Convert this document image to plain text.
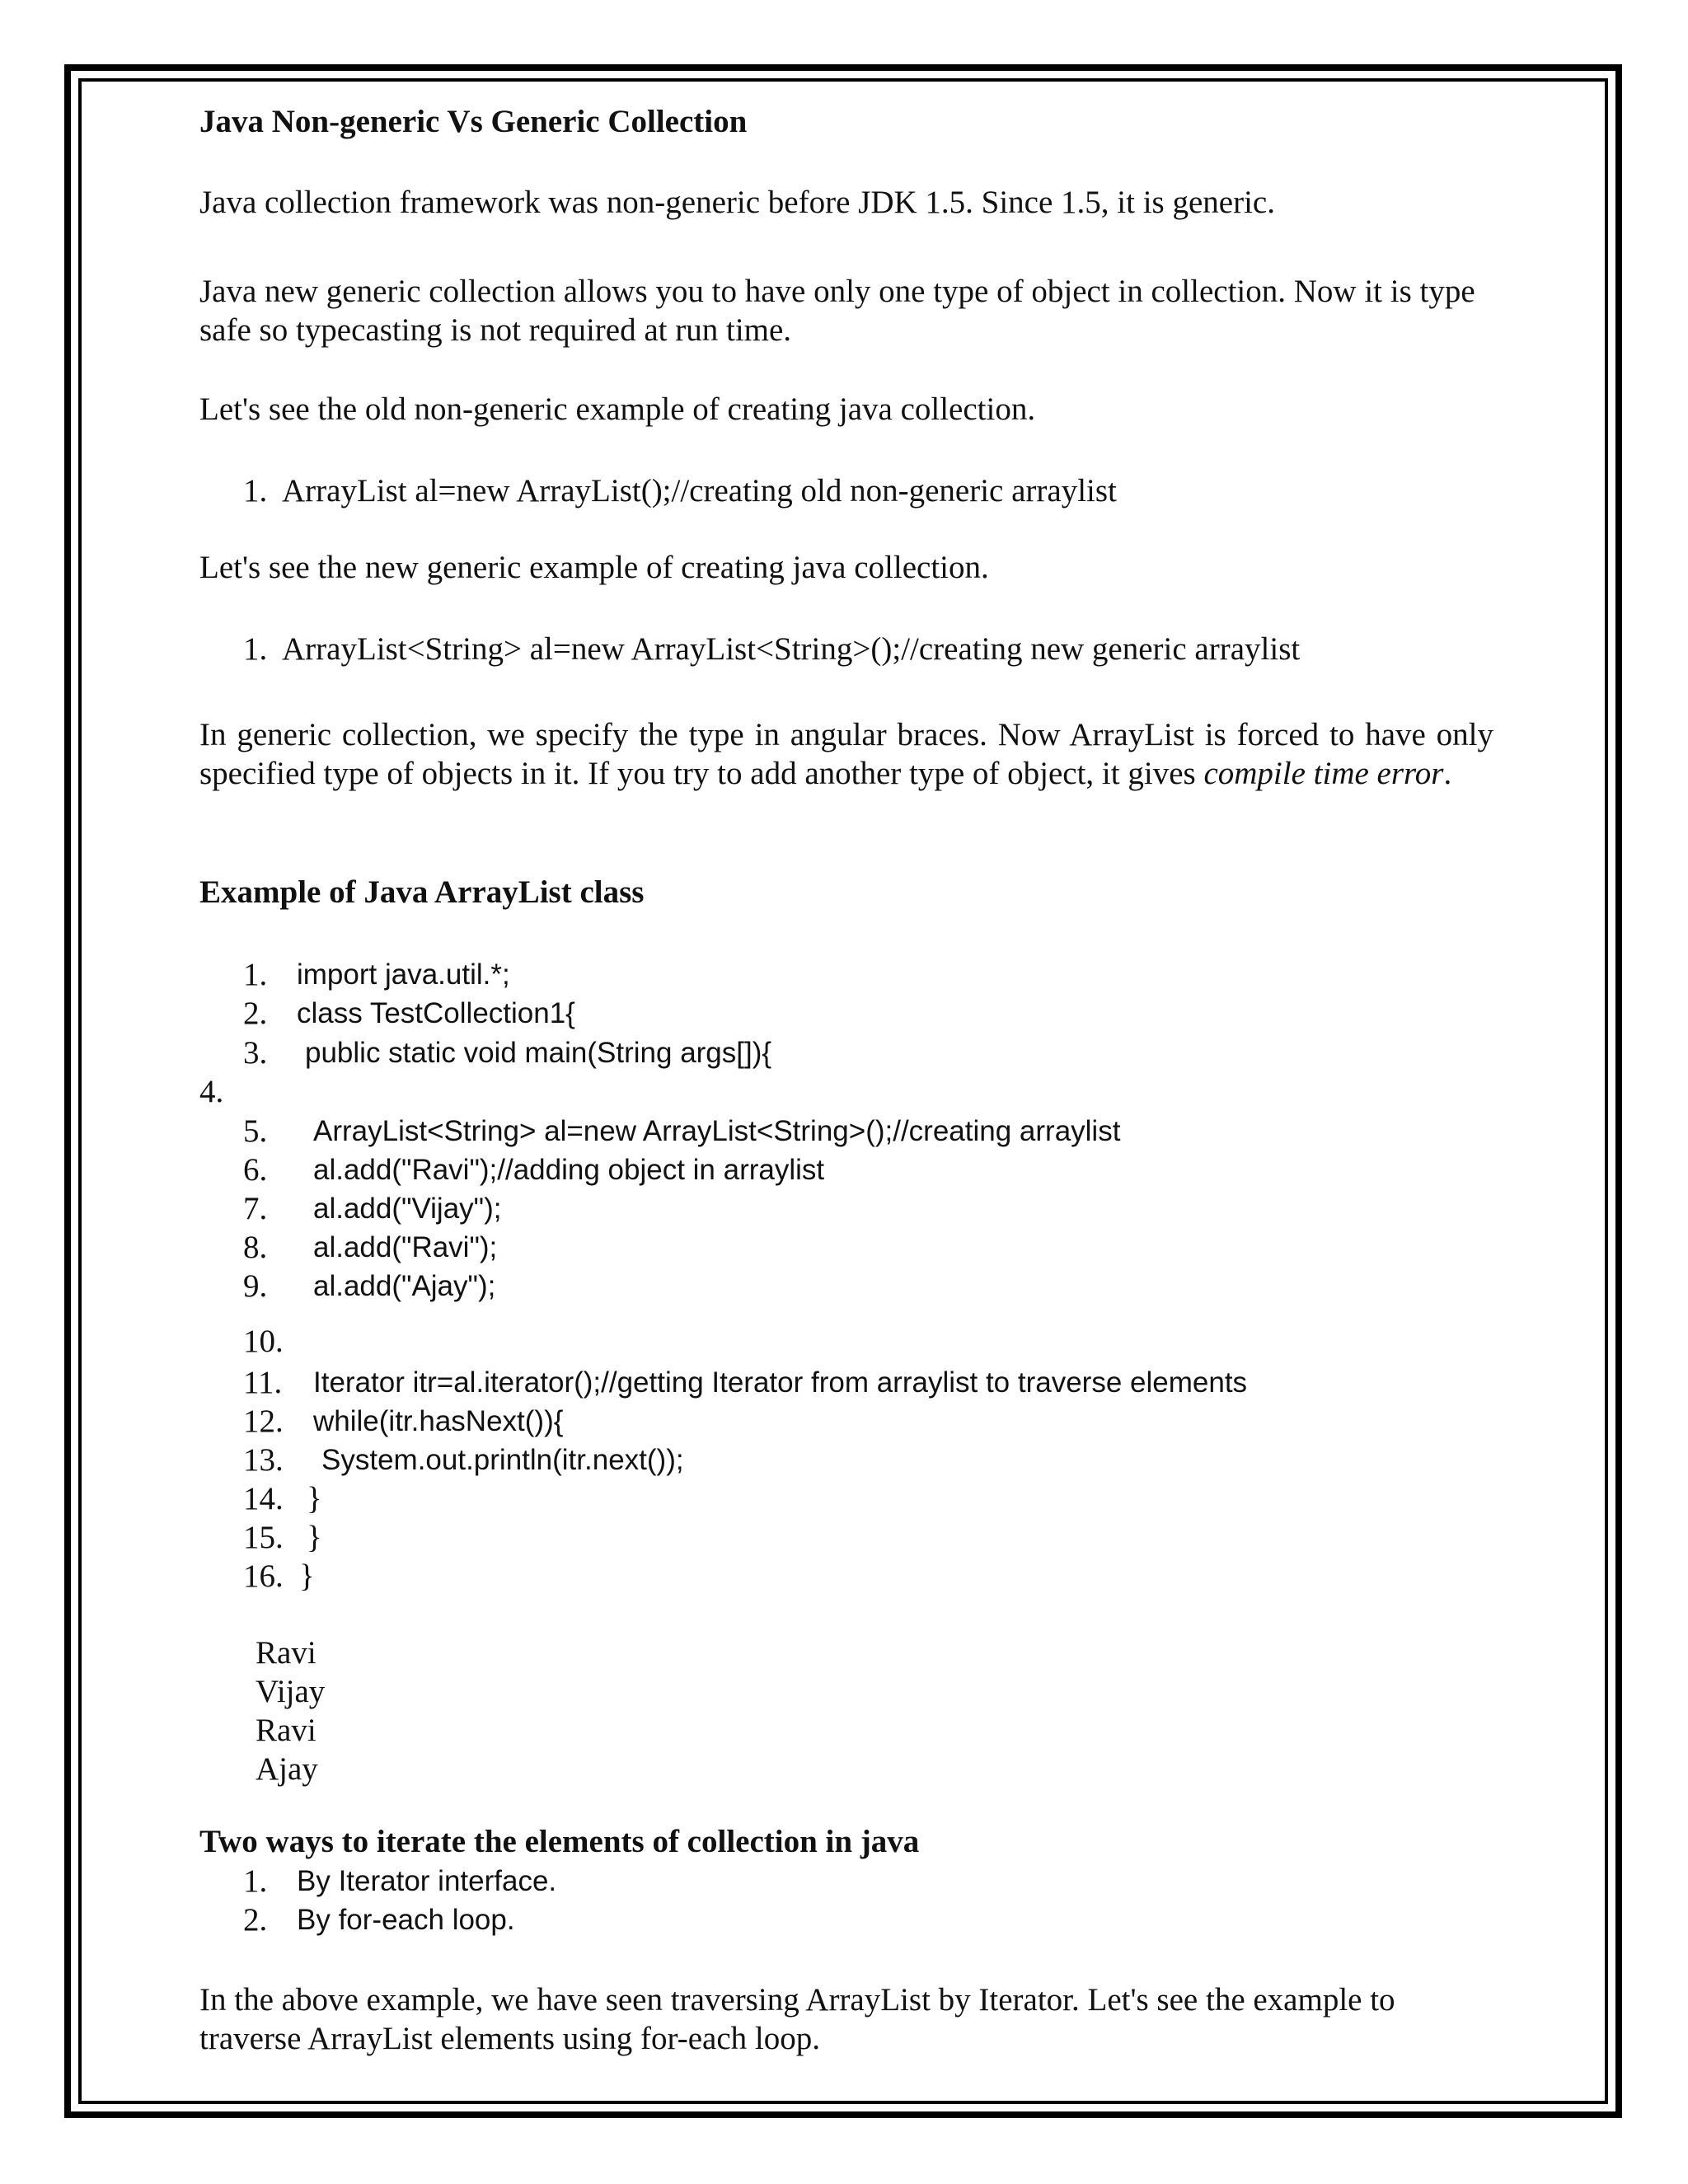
Java Non-generic Vs Generic Collection
Java collection framework was non-generic before JDK 1.5. Since 1.5, it is generic.
Java new generic collection allows you to have only one type of object in collection. Now it is type safe so typecasting is not required at run time.
Let's see the old non-generic example of creating java collection.
1. ArrayList al=new ArrayList();//creating old non-generic arraylist
Let's see the new generic example of creating java collection.
1. ArrayList<String> al=new ArrayList<String>();//creating new generic arraylist
In generic collection, we specify the type in angular braces. Now ArrayList is forced to have only specified type of objects in it. If you try to add another type of object, it gives compile time error.
Example of Java ArrayList class
1. import java.util.*;
2. class TestCollection1{
3. public static void main(String args[]){
4.
5. ArrayList<String> al=new ArrayList<String>();//creating arraylist
6. al.add("Ravi");//adding object in arraylist
7. al.add("Vijay");
8. al.add("Ravi");
9. al.add("Ajay");
10.
11. Iterator itr=al.iterator();//getting Iterator from arraylist to traverse elements
12. while(itr.hasNext()){
13. System.out.println(itr.next());
14. }
15. }
16. }
Ravi
Vijay
Ravi
Ajay
Two ways to iterate the elements of collection in java
1. By Iterator interface.
2. By for-each loop.
In the above example, we have seen traversing ArrayList by Iterator. Let's see the example to traverse ArrayList elements using for-each loop.
